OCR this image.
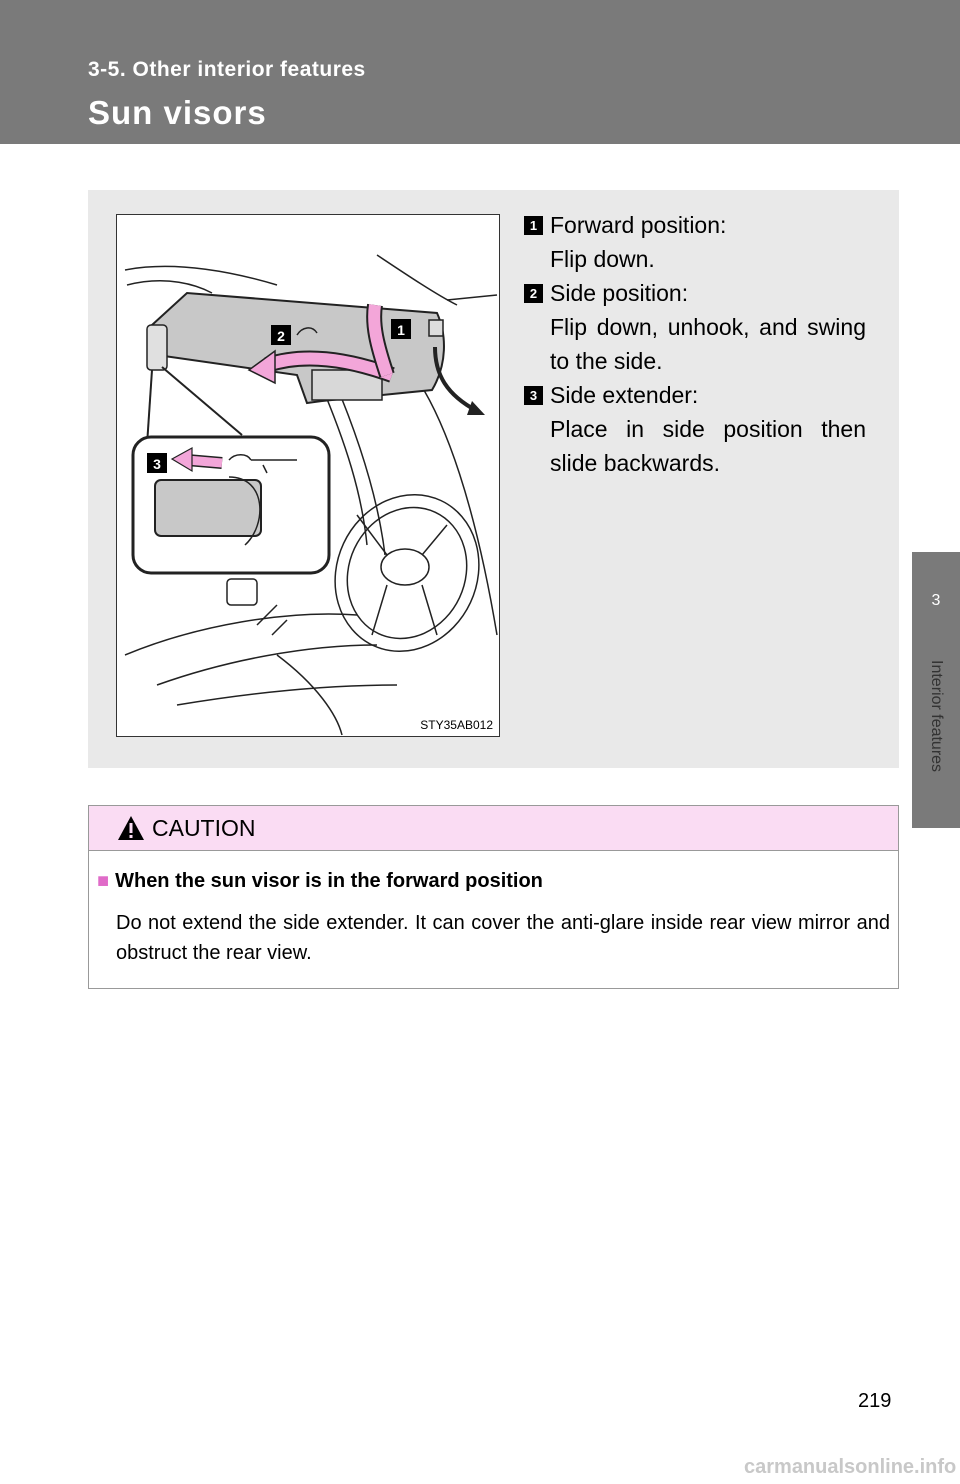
3-5. Other interior features
Sun visors
3
Interior features
2	1
3
STY35AB012
1 Forward position:
Flip down.
2 Side position:
Flip down, unhook, and swing to the side.
3 Side extender:
Place in side position then slide backwards.
CAUTION
■ When the sun visor is in the forward position
Do not extend the side extender. It can cover the anti-glare inside rear view mirror and obstruct the rear view.
219
carmanualsonline.info
